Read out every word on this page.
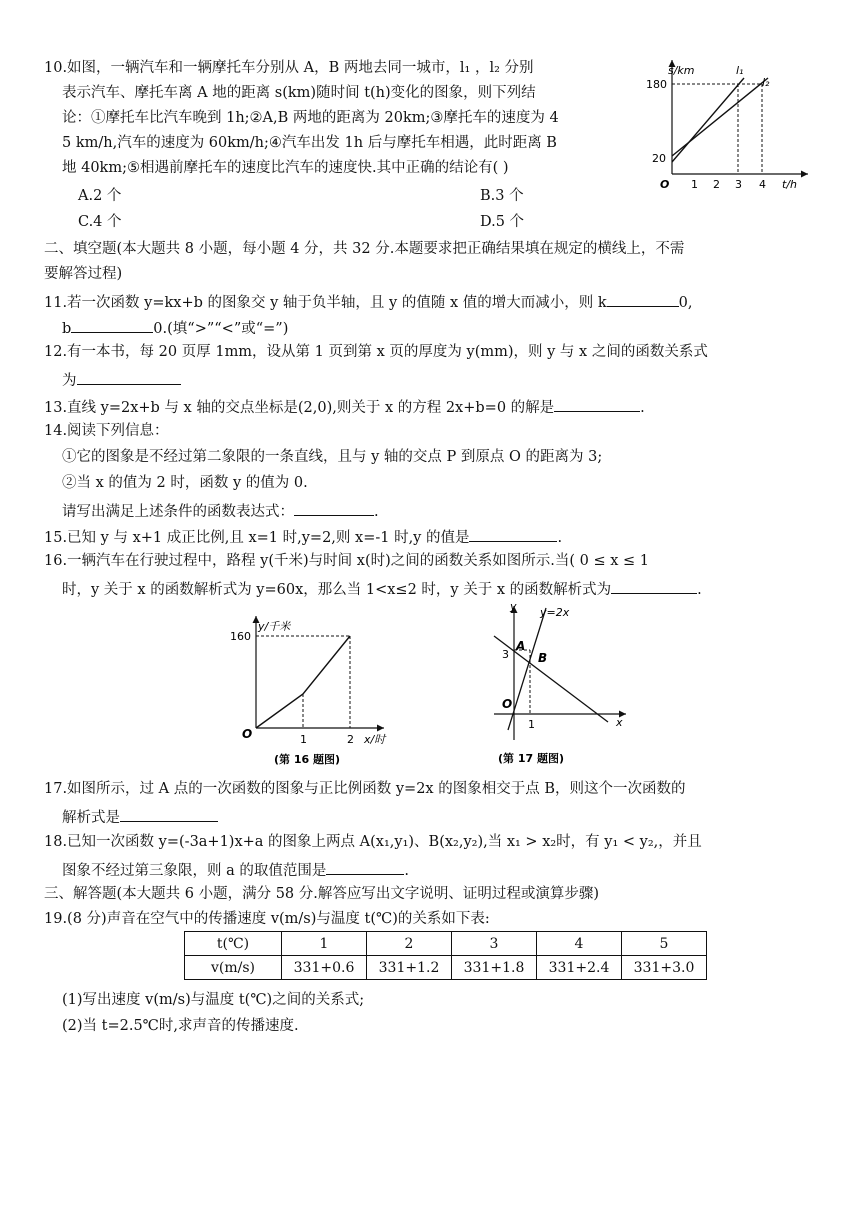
10.如图，一辆汽车和一辆摩托车分别从 A，B 两地去同一城市，l₁ ，l₂ 分别
表示汽车、摩托车离 A 地的距离 s(km)随时间 t(h)变化的图象，则下列结
论：①摩托车比汽车晚到 1h;②A,B 两地的距离为 20km;③摩托车的速度为 4
5 km/h,汽车的速度为 60km/h;④汽车出发 1h 后与摩托车相遇，此时距离 B
地 40km;⑤相遇前摩托车的速度比汽车的速度快.其中正确的结论有( )
A.2 个	B.3 个
C.4 个	D.5 个
s/km
180
20
O 1 2 3 4 t/h
l₁
l₂
二、填空题(本大题共 8 小题，每小题 4 分，共 32 分.本题要求把正确结果填在规定的横线上，不需
要解答过程)
11.若一次函数 y=kx+b 的图象交 y 轴于负半轴，且 y 的值随 x 值的增大而减小，则 k	0,
b	0.(填“>”“<”或“=”)
12.有一本书，每 20 页厚 1mm，设从第 1 页到第 x 页的厚度为 y(mm)，则 y 与 x 之间的函数关系式
为
13.直线 y=2x+b 与 x 轴的交点坐标是(2,0),则关于 x 的方程 2x+b=0 的解是	.
14.阅读下列信息：
①它的图象是不经过第二象限的一条直线，且与 y 轴的交点 P 到原点 O 的距离为 3;
②当 x 的值为 2 时，函数 y 的值为 0.
请写出满足上述条件的函数表达式：	.
15.已知 y 与 x+1 成正比例,且 x=1 时,y=2,则 x=-1 时,y 的值是	.
16.一辆汽车在行驶过程中，路程 y(千米)与时间 x(时)之间的函数关系如图所示.当( 0 ≤ x ≤ 1
时，y 关于 x 的函数解析式为 y=60x，那么当 1<x≤2 时，y 关于 x 的函数解析式为	.
y/千米
160
O	1	2 x/时
(第 16 题图)
y y=2x
A
B
3
O
1	x
(第 17 题图)
17.如图所示，过 A 点的一次函数的图象与正比例函数 y=2x 的图象相交于点 B，则这个一次函数的
解析式是
18.已知一次函数 y=(-3a+1)x+a 的图象上两点 A(x₁,y₁)、B(x₂,y₂),当 x₁ > x₂时，有 y₁ < y₂,，并且
图象不经过第三象限，则 a 的取值范围是	.
三、解答题(本大题共 6 小题，满分 58 分.解答应写出文字说明、证明过程或演算步骤)
19.(8 分)声音在空气中的传播速度 v(m/s)与温度 t(℃)的关系如下表:
t(℃)	1	2	3	4	5
v(m/s)	331+0.6	331+1.2	331+1.8	331+2.4	331+3.0
(1)写出速度 v(m/s)与温度 t(℃)之间的关系式;
(2)当 t=2.5℃时,求声音的传播速度.
